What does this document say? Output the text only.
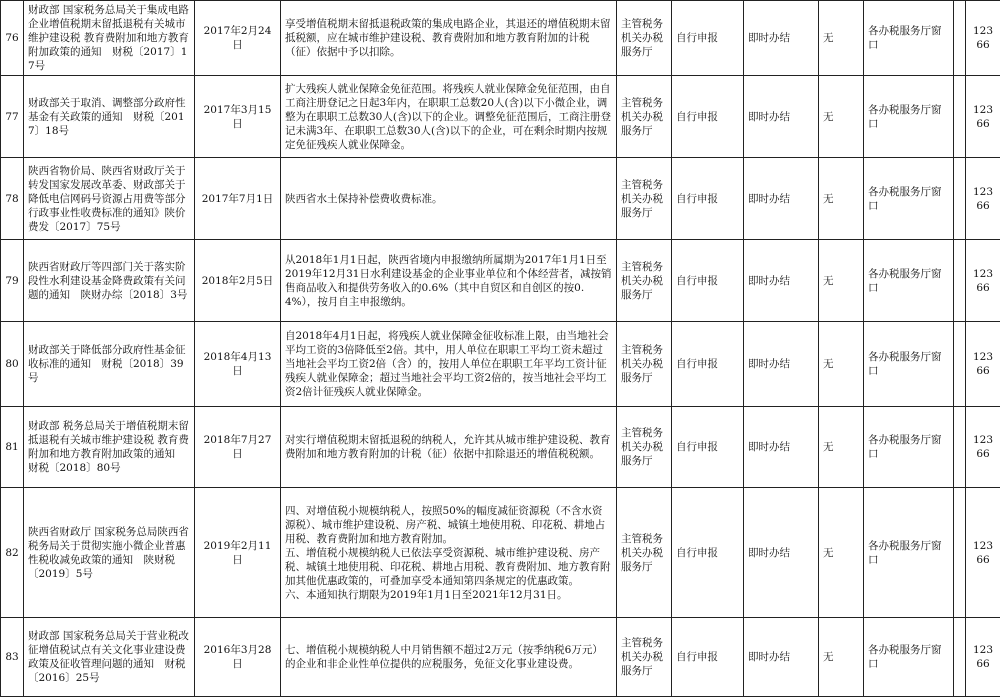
76	财政部 国家税务总局关于集成电路企业增值税期末留抵退税有关城市维护建设税 教育费附加和地方教育附加政策的通知　财税〔2017〕17号	2017年2月24日	享受增值税期末留抵退税政策的集成电路企业，其退还的增值税期末留抵税额，应在城市维护建设税、教育费附加和地方教育附加的计税（征）依据中予以扣除。	主管税务机关办税服务厅	自行申报	即时办结	无	各办税服务厅窗口		12366
77	财政部关于取消、调整部分政府性基金有关政策的通知　财税〔2017〕18号	2017年3月15日	扩大残疾人就业保障金免征范围。将残疾人就业保障金免征范围，由自工商注册登记之日起3年内，在职职工总数20人(含)以下小微企业，调整为在职职工总数30人(含)以下的企业。调整免征范围后，工商注册登记未满3年、在职职工总数30人(含)以下的企业，可在剩余时期内按规定免征残疾人就业保障金。	主管税务机关办税服务厅	自行申报	即时办结	无	各办税服务厅窗口		12366
78	陕西省物价局、陕西省财政厅关于转发国家发展改革委、财政部关于降低电信网码号资源占用费等部分行政事业性收费标准的通知》陕价费发〔2017〕75号	2017年7月1日	陕西省水土保持补偿费收费标准。	主管税务机关办税服务厅	自行申报	即时办结	无	各办税服务厅窗口		12366
79	陕西省财政厅等四部门关于落实阶段性水利建设基金降费政策有关问题的通知　陕财办综〔2018〕3号	2018年2月5日	从2018年1月1日起，陕西省境内申报缴纳所属期为2017年1月1日至2019年12月31日水利建设基金的企业事业单位和个体经营者，减按销售商品收入和提供劳务收入的0.6%（其中自贸区和自创区的按0.4%），按月自主申报缴纳。	主管税务机关办税服务厅	自行申报	即时办结	无	各办税服务厅窗口		12366
80	财政部关于降低部分政府性基金征收标准的通知　财税〔2018〕39号	2018年4月13日	自2018年4月1日起，将残疾人就业保障金征收标准上限，由当地社会平均工资的3倍降低至2倍。其中，用人单位在职职工平均工资未超过当地社会平均工资2倍（含）的，按用人单位在职职工年平均工资计征残疾人就业保障金；超过当地社会平均工资2倍的，按当地社会平均工资2倍计征残疾人就业保障金。	主管税务机关办税服务厅	自行申报	即时办结	无	各办税服务厅窗口		12366
81	财政部 税务总局关于增值税期末留抵退税有关城市维护建设税 教育费附加和地方教育附加政策的通知　财税〔2018〕80号	2018年7月27日	对实行增值税期末留抵退税的纳税人，允许其从城市维护建设税、教育费附加和地方教育附加的计税（征）依据中扣除退还的增值税税额。	主管税务机关办税服务厅	自行申报	即时办结	无	各办税服务厅窗口		12366
82	陕西省财政厅 国家税务总局陕西省税务局关于贯彻实施小微企业普惠性税收减免政策的通知　陕财税〔2019〕5号	2019年2月11日	四、对增值税小规模纳税人，按照50%的幅度减征资源税（不含水资源税）、城市维护建设税、房产税、城镇土地使用税、印花税、耕地占用税、教育费附加和地方教育附加。
五、增值税小规模纳税人已依法享受资源税、城市维护建设税、房产税、城镇土地使用税、印花税、耕地占用税、教育费附加、地方教育附加其他优惠政策的，可叠加享受本通知第四条规定的优惠政策。
六、本通知执行期限为2019年1月1日至2021年12月31日。	主管税务机关办税服务厅	自行申报	即时办结	无	各办税服务厅窗口		12366
83	财政部 国家税务总局关于营业税改征增值税试点有关文化事业建设费政策及征收管理问题的通知　财税〔2016〕25号	2016年3月28日	七、增值税小规模纳税人中月销售额不超过2万元（按季纳税6万元）的企业和非企业性单位提供的应税服务，免征文化事业建设费。	主管税务机关办税服务厅	自行申报	即时办结	无	各办税服务厅窗口		12366
